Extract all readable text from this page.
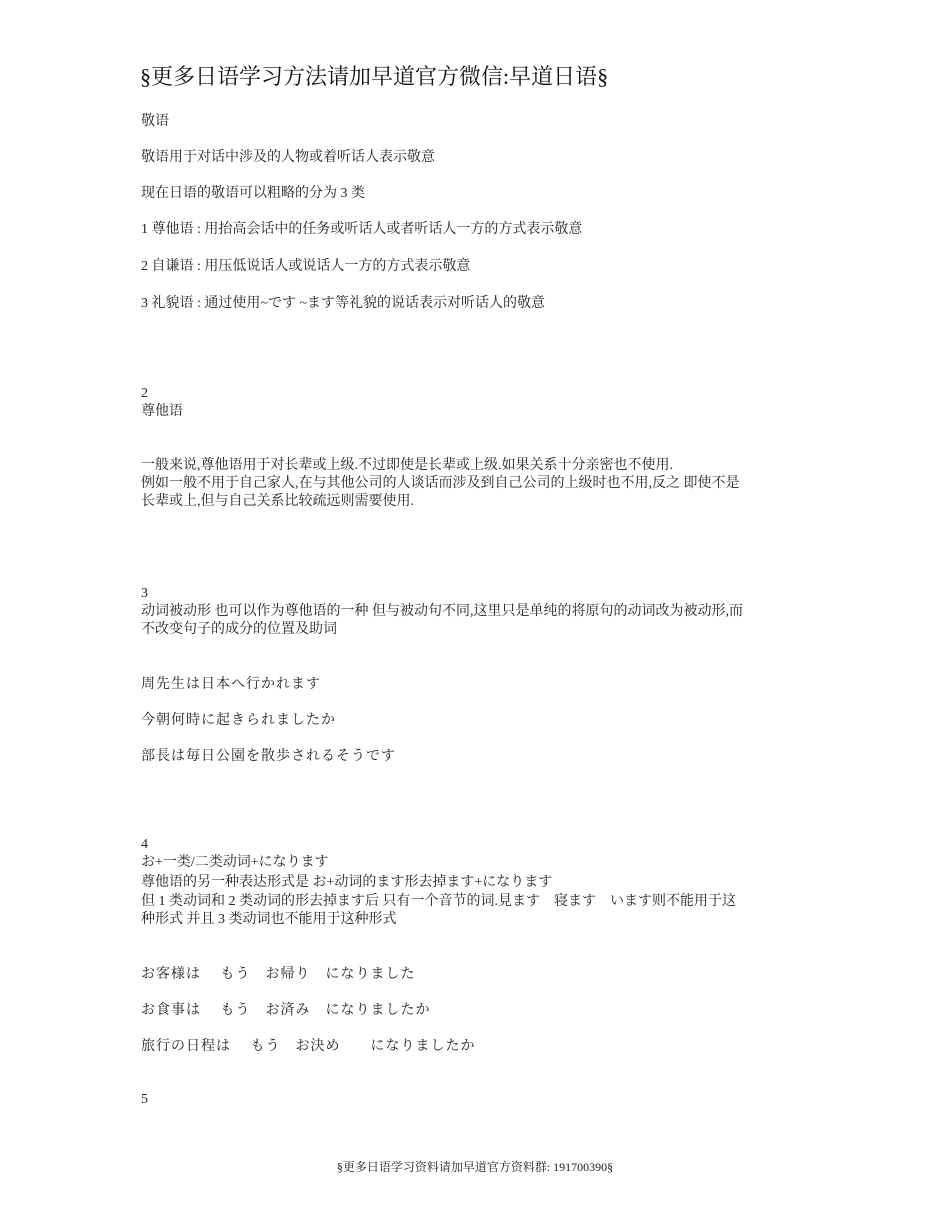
§更多日语学习方法请加早道官方微信:早道日语§
敬语
敬语用于对话中涉及的人物或着听话人表示敬意
现在日语的敬语可以粗略的分为 3 类
1 尊他语 : 用抬高会话中的任务或听话人或者听话人一方的方式表示敬意
2 自谦语 : 用压低说话人或说话人一方的方式表示敬意
3 礼貌语 : 通过使用~です ~ます等礼貌的说话表示对听话人的敬意
2
尊他语
一般来说,尊他语用于对长辈或上级.不过即使是长辈或上级.如果关系十分亲密也不使用.
例如一般不用于自己家人,在与其他公司的人谈话而涉及到自己公司的上级时也不用,反之 即使不是
长辈或上,但与自己关系比较疏远则需要使用.
3
动词被动形 也可以作为尊他语的一种 但与被动句不同,这里只是单纯的将原句的动词改为被动形,而
不改变句子的成分的位置及助词
周先生は日本へ行かれます
今朝何時に起きられましたか
部長は毎日公園を散歩されるそうです
4
お+一类/二类动词+になります
尊他语的另一种表达形式是 お+动词的ます形去掉ます+になります
但 1 类动词和 2 类动词的形去掉ます后 只有一个音节的词.見ます　寝ます　います则不能用于这
种形式 并且 3 类动词也不能用于这种形式
お客様は　 もう　お帰り　になりました
お食事は　 もう　お済み　になりましたか
旅行の日程は　 もう　お決め　　になりましたか
5
§更多日语学习资料请加早道官方资料群: 191700390§
